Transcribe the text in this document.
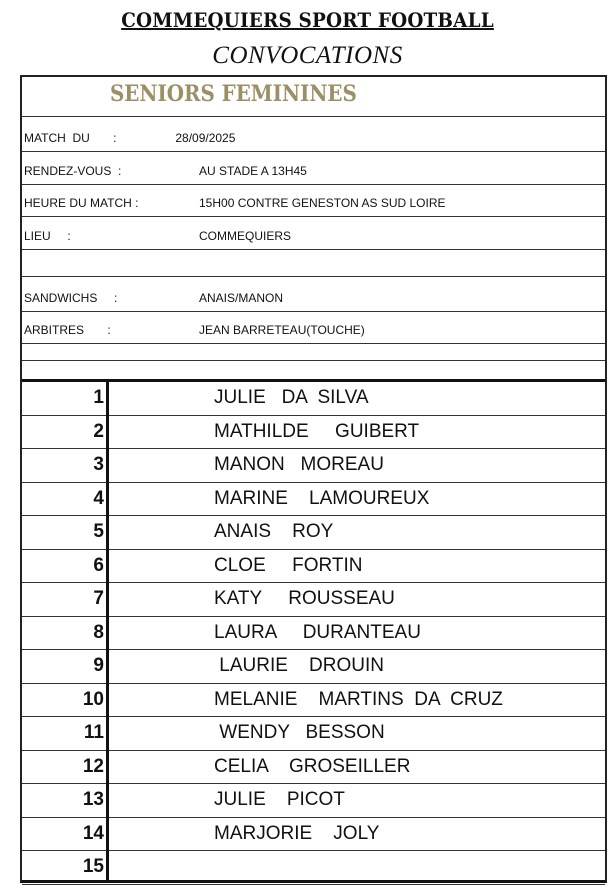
COMMEQUIERS SPORT FOOTBALL
CONVOCATIONS
SENIORS FEMININES
MATCH  DU       : 28/09/2025
RENDEZ-VOUS  :	AU STADE A 13H45
HEURE DU MATCH :	15H00 CONTRE GENESTON AS SUD LOIRE
LIEU     :	COMMEQUIERS
SANDWICHS     :	ANAIS/MANON
ARBITRES       :	JEAN BARRETEAU(TOUCHE)
1	JULIE   DA  SILVA
2	MATHILDE     GUIBERT
3	MANON   MOREAU
4	MARINE    LAMOUREUX
5	ANAIS    ROY
6	CLOE     FORTIN
7	KATY     ROUSSEAU
8	LAURA     DURANTEAU
9	LAURIE    DROUIN
10	MELANIE    MARTINS  DA  CRUZ
11	WENDY   BESSON
12	CELIA    GROSEILLER
13	JULIE    PICOT
14	MARJORIE    JOLY
15
